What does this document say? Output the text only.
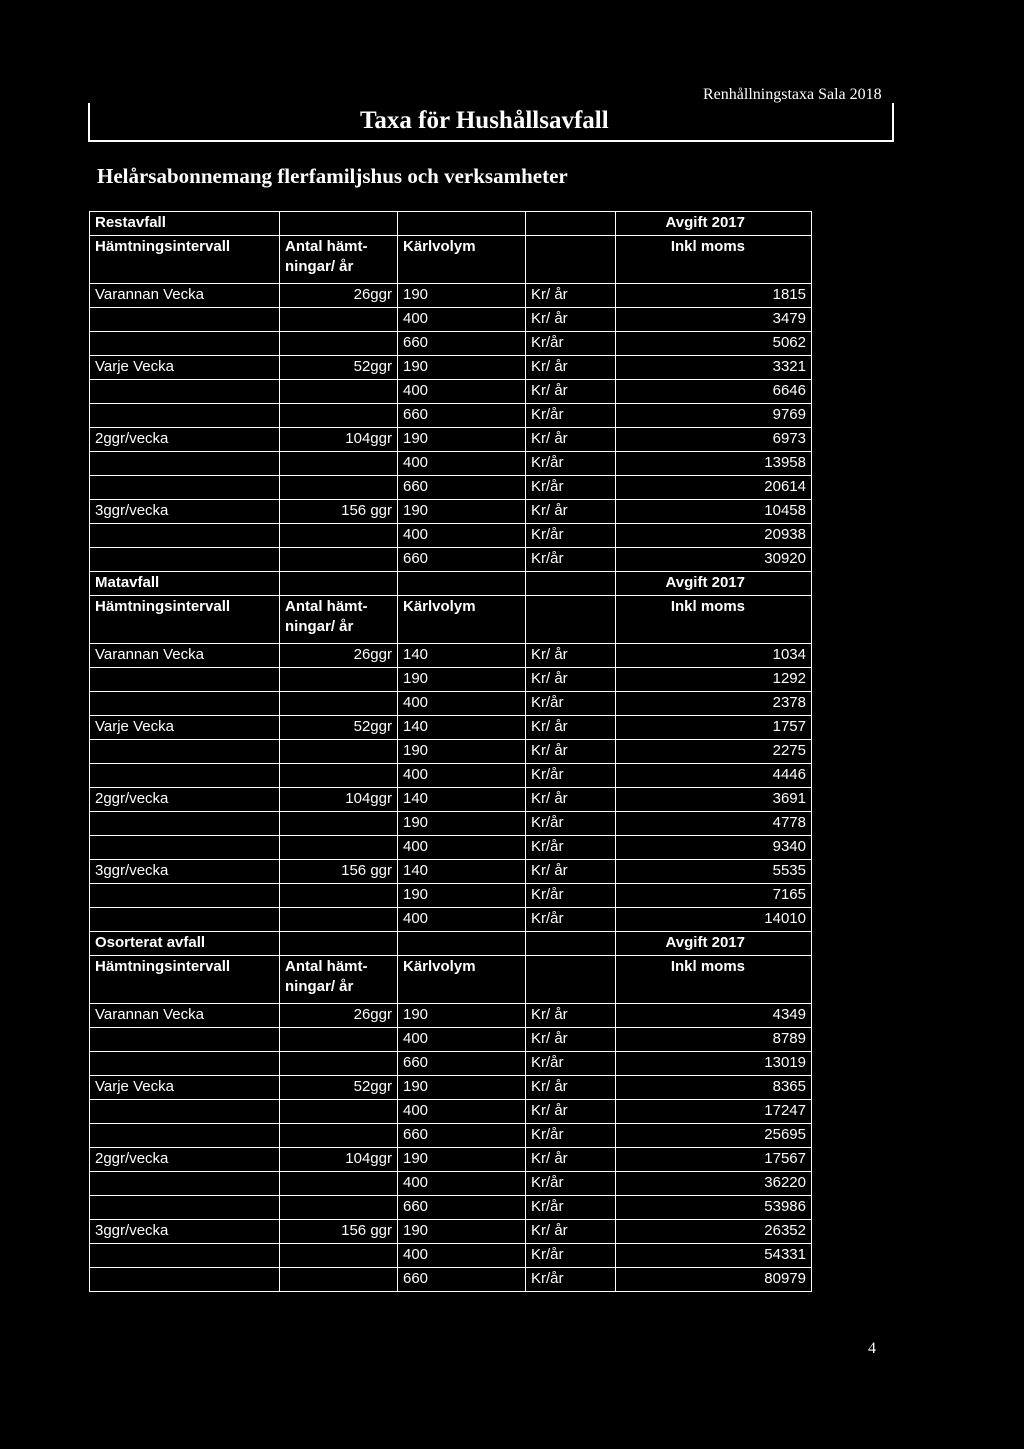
Taxa för Hushållsavfall
Renhållningstaxa Sala 2018
Helårsabonnemang flerfamiljshus och verksamheter
Restavfall				Avgift 2017
Hämtningsintervall	Antal hämt-ningar/ år	Kärlvolym		Inkl moms
Varannan Vecka	26ggr	190	Kr/ år	1815
		400	Kr/ år	3479
		660	Kr/år	5062
Varje Vecka	52ggr	190	Kr/ år	3321
		400	Kr/ år	6646
		660	Kr/år	9769
2ggr/vecka	104ggr	190	Kr/ år	6973
		400	Kr/år	13958
		660	Kr/år	20614
3ggr/vecka	156 ggr	190	Kr/ år	10458
		400	Kr/år	20938
		660	Kr/år	30920
Matavfall				Avgift 2017
Hämtningsintervall	Antal hämt-ningar/ år	Kärlvolym		Inkl moms
Varannan Vecka	26ggr	140	Kr/ år	1034
		190	Kr/ år	1292
		400	Kr/år	2378
Varje Vecka	52ggr	140	Kr/ år	1757
		190	Kr/ år	2275
		400	Kr/år	4446
2ggr/vecka	104ggr	140	Kr/ år	3691
		190	Kr/år	4778
		400	Kr/år	9340
3ggr/vecka	156 ggr	140	Kr/ år	5535
		190	Kr/år	7165
		400	Kr/år	14010
Osorterat avfall				Avgift 2017
Hämtningsintervall	Antal hämt-ningar/ år	Kärlvolym		Inkl moms
Varannan Vecka	26ggr	190	Kr/ år	4349
		400	Kr/ år	8789
		660	Kr/år	13019
Varje Vecka	52ggr	190	Kr/ år	8365
		400	Kr/ år	17247
		660	Kr/år	25695
2ggr/vecka	104ggr	190	Kr/ år	17567
		400	Kr/år	36220
		660	Kr/år	53986
3ggr/vecka	156 ggr	190	Kr/ år	26352
		400	Kr/år	54331
		660	Kr/år	80979
4
